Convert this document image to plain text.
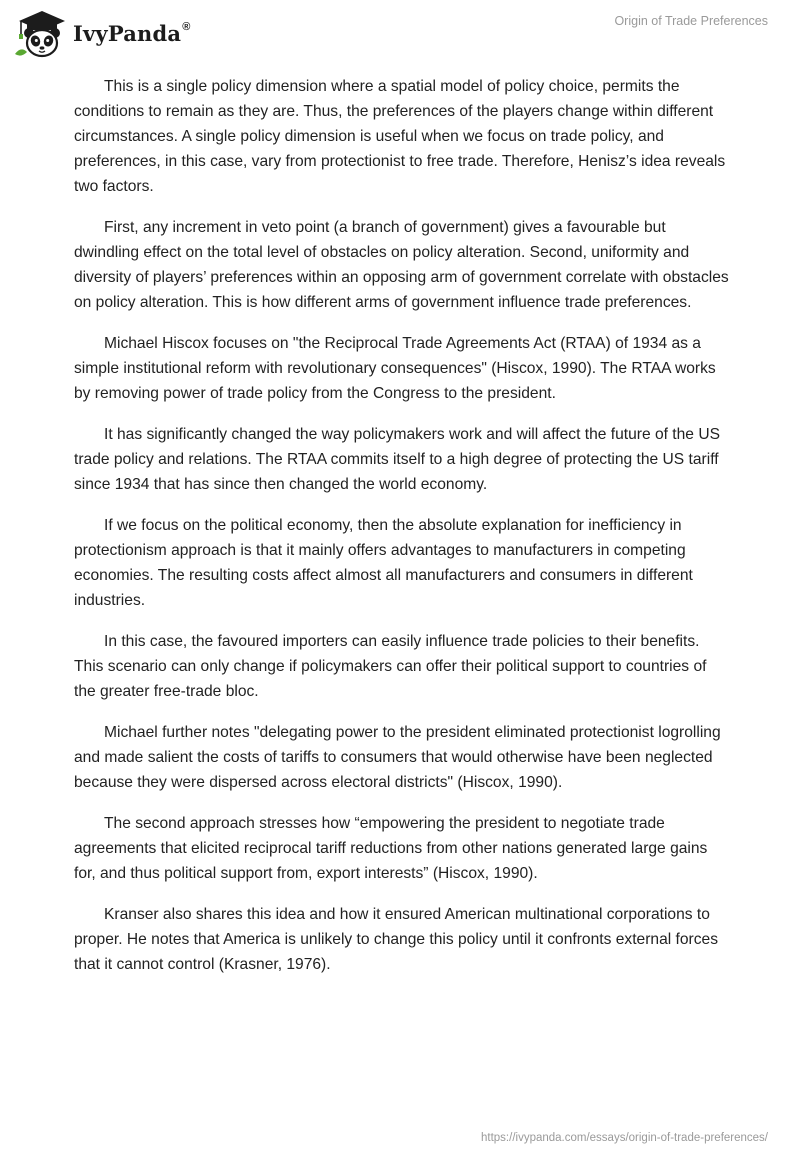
IvyPanda®	Origin of Trade Preferences

This is a single policy dimension where a spatial model of policy choice, permits the conditions to remain as they are. Thus, the preferences of the players change within different circumstances. A single policy dimension is useful when we focus on trade policy, and preferences, in this case, vary from protectionist to free trade. Therefore, Henisz’s idea reveals two factors.

First, any increment in veto point (a branch of government) gives a favourable but dwindling effect on the total level of obstacles on policy alteration. Second, uniformity and diversity of players’ preferences within an opposing arm of government correlate with obstacles on policy alteration. This is how different arms of government influence trade preferences.

Michael Hiscox focuses on "the Reciprocal Trade Agreements Act (RTAA) of 1934 as a simple institutional reform with revolutionary consequences" (Hiscox, 1990). The RTAA works by removing power of trade policy from the Congress to the president.

It has significantly changed the way policymakers work and will affect the future of the US trade policy and relations. The RTAA commits itself to a high degree of protecting the US tariff since 1934 that has since then changed the world economy.

If we focus on the political economy, then the absolute explanation for inefficiency in protectionism approach is that it mainly offers advantages to manufacturers in competing economies. The resulting costs affect almost all manufacturers and consumers in different industries.

In this case, the favoured importers can easily influence trade policies to their benefits. This scenario can only change if policymakers can offer their political support to countries of the greater free-trade bloc.

Michael further notes "delegating power to the president eliminated protectionist logrolling and made salient the costs of tariffs to consumers that would otherwise have been neglected because they were dispersed across electoral districts" (Hiscox, 1990).

The second approach stresses how “empowering the president to negotiate trade agreements that elicited reciprocal tariff reductions from other nations generated large gains for, and thus political support from, export interests” (Hiscox, 1990).

Kranser also shares this idea and how it ensured American multinational corporations to proper. He notes that America is unlikely to change this policy until it confronts external forces that it cannot control (Krasner, 1976).

https://ivypanda.com/essays/origin-of-trade-preferences/
